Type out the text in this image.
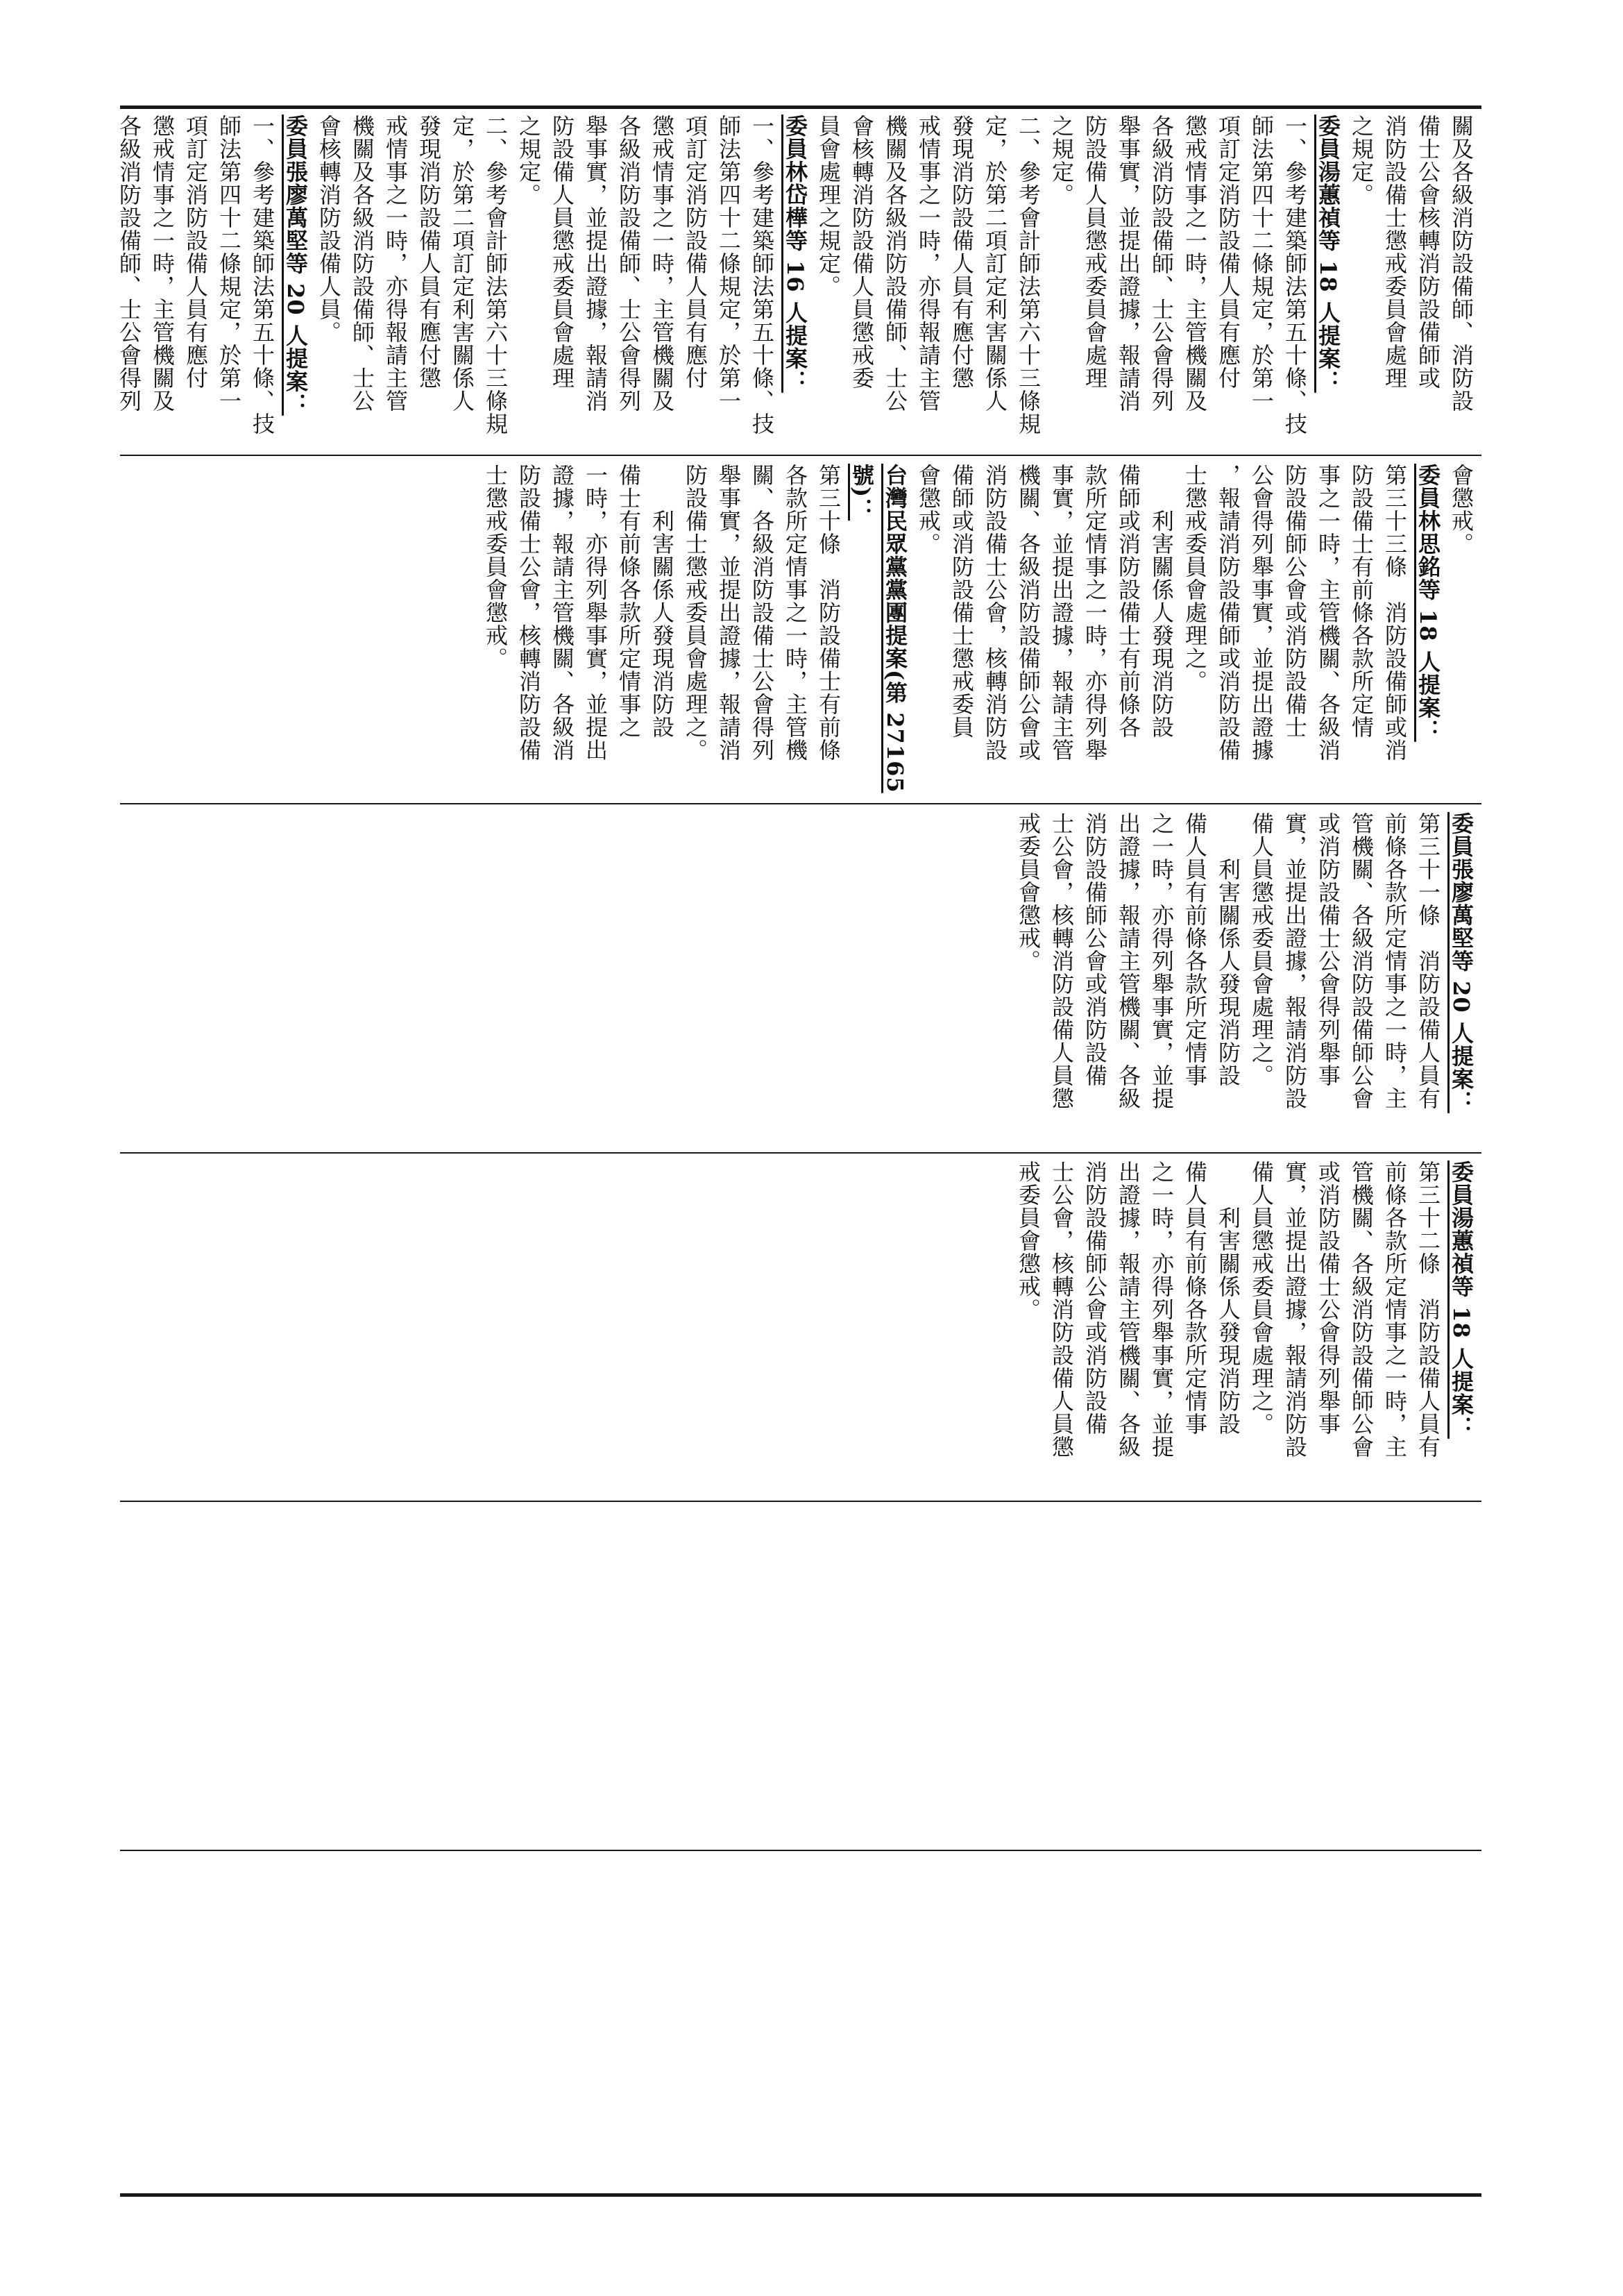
關及各級消防設備師、消防設

備士公會核轉消防設備師或

消防設備士懲戒委員會處理

之規定。

委員湯蕙禎等 18 人提案：

一、參考建築師法第五十條、技

師法第四十二條規定，於第一

項訂定消防設備人員有應付

懲戒情事之一時，主管機關及

各級消防設備師、士公會得列

舉事實，並提出證據，報請消

防設備人員懲戒委員會處理

之規定。

二、參考會計師法第六十三條規

定，於第二項訂定利害關係人

發現消防設備人員有應付懲

戒情事之一時，亦得報請主管

機關及各級消防設備師、士公

會核轉消防設備人員懲戒委

員會處理之規定。

委員林岱樺等 16 人提案：

一、參考建築師法第五十條、技

師法第四十二條規定，於第一

項訂定消防設備人員有應付

懲戒情事之一時，主管機關及

各級消防設備師、士公會得列

舉事實，並提出證據，報請消

防設備人員懲戒委員會處理

之規定。

二、參考會計師法第六十三條規

定，於第二項訂定利害關係人

發現消防設備人員有應付懲

戒情事之一時，亦得報請主管

機關及各級消防設備師、士公

會核轉消防設備人員。

委員張廖萬堅等 20 人提案：

一、參考建築師法第五十條、技

師法第四十二條規定，於第一

項訂定消防設備人員有應付

懲戒情事之一時，主管機關及

各級消防設備師、士公會得列

會懲戒。

委員林思銘等 18 人提案：

第三十三條　消防設備師或消

防設備士有前條各款所定情

事之一時，主管機關、各級消

防設備師公會或消防設備士

公會得列舉事實，並提出證據

，報請消防設備師或消防設備

士懲戒委員會處理之。

　　利害關係人發現消防設

備師或消防設備士有前條各

款所定情事之一時，亦得列舉

事實，並提出證據，報請主管

機關、各級消防設備師公會或

消防設備士公會，核轉消防設

備師或消防設備士懲戒委員

會懲戒。

台灣民眾黨黨團提案(第 27165

號)：

第三十條　消防設備士有前條

各款所定情事之一時，主管機

關、各級消防設備士公會得列

舉事實，並提出證據，報請消

防設備士懲戒委員會處理之。

　　利害關係人發現消防設

備士有前條各款所定情事之

一時，亦得列舉事實，並提出

證據，報請主管機關、各級消

防設備士公會，核轉消防設備

士懲戒委員會懲戒。

委員張廖萬堅等 20 人提案：

第三十一條　消防設備人員有

前條各款所定情事之一時，主

管機關、各級消防設備師公會

或消防設備士公會得列舉事

實，並提出證據，報請消防設

備人員懲戒委員會處理之。

　　利害關係人發現消防設

備人員有前條各款所定情事

之一時，亦得列舉事實，並提

出證據，報請主管機關、各級

消防設備師公會或消防設備

士公會，核轉消防設備人員懲

戒委員會懲戒。

委員湯蕙禎等 18 人提案：

第三十二條　消防設備人員有

前條各款所定情事之一時，主

管機關、各級消防設備師公會

或消防設備士公會得列舉事

實，並提出證據，報請消防設

備人員懲戒委員會處理之。

　　利害關係人發現消防設

備人員有前條各款所定情事

之一時，亦得列舉事實，並提

出證據，報請主管機關、各級

消防設備師公會或消防設備

士公會，核轉消防設備人員懲

戒委員會懲戒。
